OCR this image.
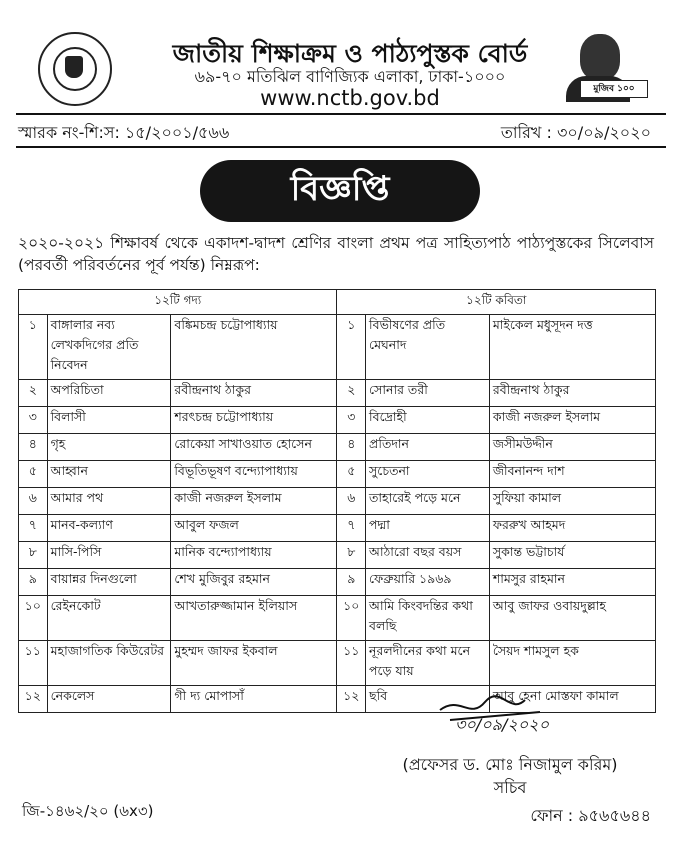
জাতীয় শিক্ষাক্রম ও পাঠ্যপুস্তক বোর্ড
৬৯-৭০ মতিঝিল বাণিজ্যিক এলাকা, ঢাকা-১০০০
www.nctb.gov.bd	মুজিব ১০০
স্মারক নং-শি:স: ১৫/২০০১/৫৬৬	তারিখ : ৩০/০৯/২০২০
বিজ্ঞপ্তি
২০২০-২০২১ শিক্ষাবর্ষ থেকে একাদশ-দ্বাদশ শ্রেণির বাংলা প্রথম পত্র সাহিত্যপাঠ পাঠ্যপুস্তকের সিলেবাস (পরবর্তী পরিবর্তনের পূর্ব পর্যন্ত) নিম্নরূপ:
১২টি গদ্য			১২টি কবিতা		
১	বাঙ্গালার নব্য লেখকদিগের প্রতি নিবেদন	বঙ্কিমচন্দ্র চট্টোপাধ্যায়	১	বিভীষণের প্রতি মেঘনাদ	মাইকেল মধুসূদন দত্ত
২	অপরিচিতা	রবীন্দ্রনাথ ঠাকুর	২	সোনার তরী	রবীন্দ্রনাথ ঠাকুর
৩	বিলাসী	শরৎচন্দ্র চট্টোপাধ্যায়	৩	বিদ্রোহী	কাজী নজরুল ইসলাম
৪	গৃহ	রোকেয়া সাখাওয়াত হোসেন	৪	প্রতিদান	জসীমউদ্দীন
৫	আহ্বান	বিভূতিভূষণ বন্দ্যোপাধ্যায়	৫	সুচেতনা	জীবনানন্দ দাশ
৬	আমার পথ	কাজী নজরুল ইসলাম	৬	তাহারেই পড়ে মনে	সুফিয়া কামাল
৭	মানব-কল্যাণ	আবুল ফজল	৭	পদ্মা	ফররুখ আহমদ
৮	মাসি-পিসি	মানিক বন্দ্যোপাধ্যায়	৮	আঠারো বছর বয়স	সুকান্ত ভট্টাচার্য
৯	বায়ান্নর দিনগুলো	শেখ মুজিবুর রহমান	৯	ফেব্রুয়ারি ১৯৬৯	শামসুর রাহমান
১০	রেইনকোট	আখতারুজ্জামান ইলিয়াস	১০	আমি কিংবদন্তির কথা বলছি	আবু জাফর ওবায়দুল্লাহ
১১	মহাজাগতিক কিউরেটর	মুহম্মদ জাফর ইকবাল	১১	নূরলদীনের কথা মনে পড়ে যায়	সৈয়দ শামসুল হক
১২	নেকলেস	গী দ্য মোপাসাঁ	১২	ছবি	আবু হেনা মোস্তফা কামাল
৩০/০৯/২০২০
(প্রফেসর ড. মোঃ নিজামুল করিম)
সচিব
জি-১৪৬২/২০ (৬x৩)	ফোন : ৯৫৬৫৬৪৪
